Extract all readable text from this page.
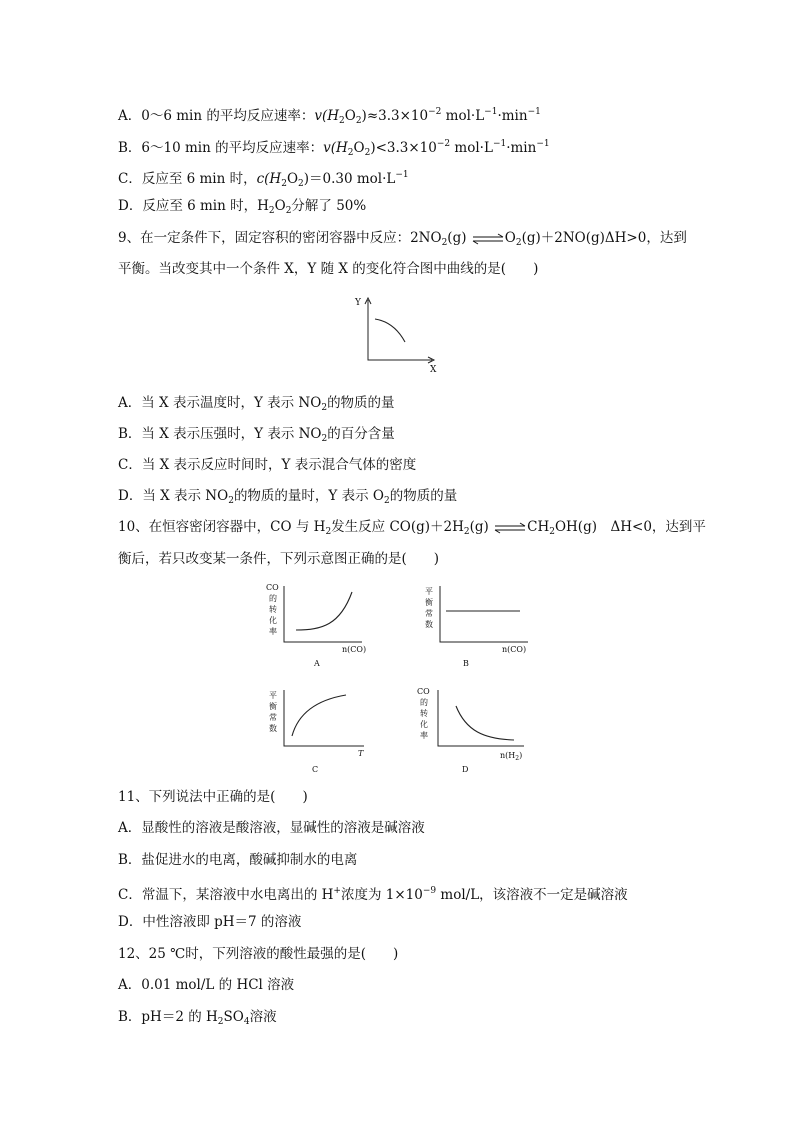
A．0～6 min 的平均反应速率：$v(H_2O_2)\approx 3.3\times 10^{-2}$ $mol\cdot L^{-1}\cdot\min^{-1}$
B．6～10 min 的平均反应速率：$v(H_2O_2)<3.3\times 10^{-2}$ $mol\cdot L^{-1}\cdot\min^{-1}$
C．反应至 6 min 时，$c(H_2O_2)=0.30$ $mol\cdot L^{-1}$
D．反应至 6 min 时，$H_2O_2$分解了 50%
9、在一定条件下，固定容积的密闭容器中反应：$2NO_2(g)$ $\rightleftharpoons O_2(g)+2NO(g)\Delta H>0$，达到
平衡。当改变其中一个条件 X，Y 随 X 的变化符合图中曲线的是(　　)
Y
X
A．当 X 表示温度时，Y 表示 $NO_2$的物质的量
B．当 X 表示压强时，Y 表示 $NO_2$的百分含量
C．当 X 表示反应时间时，Y 表示混合气体的密度
D．当 X 表示 $NO_2$的物质的量时，Y 表示 $O_2$的物质的量
10、在恒容密闭容器中，CO 与 $H_2$发生反应 $CO(g)+2H_2(g)$ $\rightleftharpoons CH_2OH(g)$　ΔH<0，达到平
衡后，若只改变某一条件，下列示意图正确的是(　　)
CO
的
转
化
率
n(CO)
A
平
衡
常
数
n(CO)
B
平
衡
常
数
T
C
CO
的
转
化
率
$n(H_2)$
D
11、下列说法中正确的是(　　)
A．显酸性的溶液是酸溶液，显碱性的溶液是碱溶液
B．盐促进水的电离，酸碱抑制水的电离
C．常温下，某溶液中水电离出的 H+浓度为 $1\times 10^{-9}$ mol/L，该溶液不一定是碱溶液
D．中性溶液即 pH＝7 的溶液
12、25 ℃时，下列溶液的酸性最强的是(　　)
A．0.01 mol/L 的 HCl 溶液
B．pH＝2 的 $H_2SO_4$溶液
